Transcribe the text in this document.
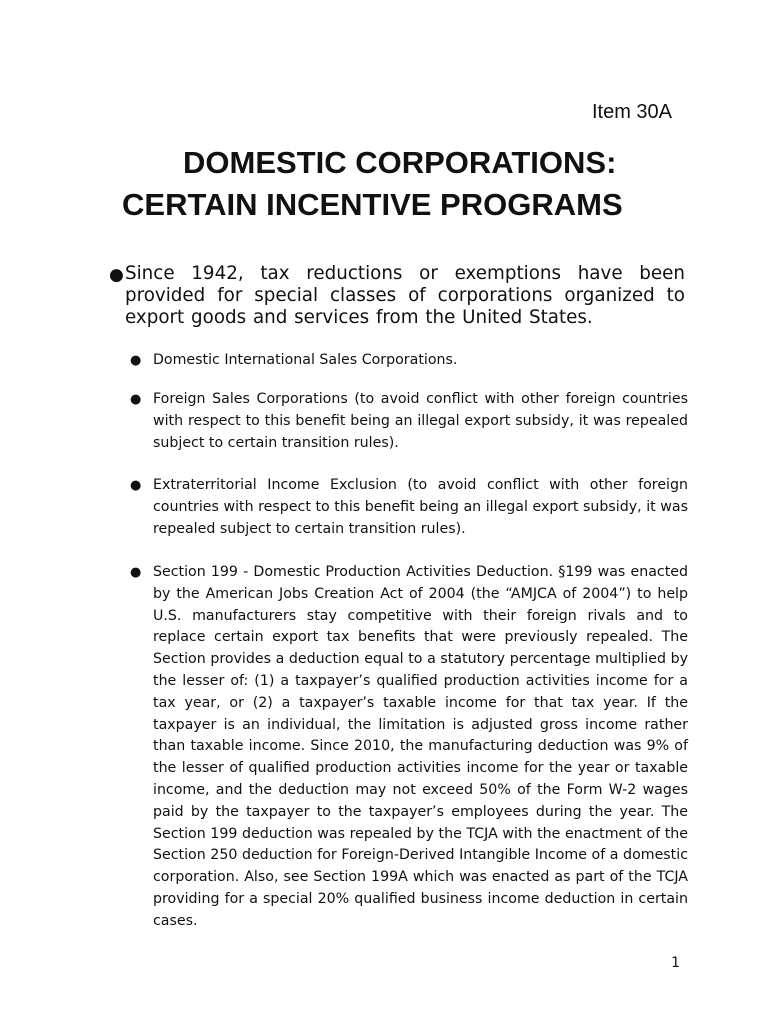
Item 30A
DOMESTIC CORPORATIONS:
CERTAIN INCENTIVE PROGRAMS
● Since 1942, tax reductions or exemptions have been provided for special classes of corporations organized to export goods and services from the United States.

● Domestic International Sales Corporations.

● Foreign Sales Corporations (to avoid conflict with other foreign countries with respect to this benefit being an illegal export subsidy, it was repealed subject to certain transition rules).

● Extraterritorial Income Exclusion (to avoid conflict with other foreign countries with respect to this benefit being an illegal export subsidy, it was repealed subject to certain transition rules).

● Section 199 - Domestic Production Activities Deduction. §199 was enacted by the American Jobs Creation Act of 2004 (the “AMJCA of 2004”) to help U.S. manufacturers stay competitive with their foreign rivals and to replace certain export tax benefits that were previously repealed. The Section provides a deduction equal to a statutory percentage multiplied by the lesser of: (1) a taxpayer’s qualified production activities income for a tax year, or (2) a taxpayer’s taxable income for that tax year. If the taxpayer is an individual, the limitation is adjusted gross income rather than taxable income. Since 2010, the manufacturing deduction was 9% of the lesser of qualified production activities income for the year or taxable income, and the deduction may not exceed 50% of the Form W-2 wages paid by the taxpayer to the taxpayer’s employees during the year. The Section 199 deduction was repealed by the TCJA with the enactment of the Section 250 deduction for Foreign-Derived Intangible Income of a domestic corporation. Also, see Section 199A which was enacted as part of the TCJA providing for a special 20% qualified business income deduction in certain cases.

1
